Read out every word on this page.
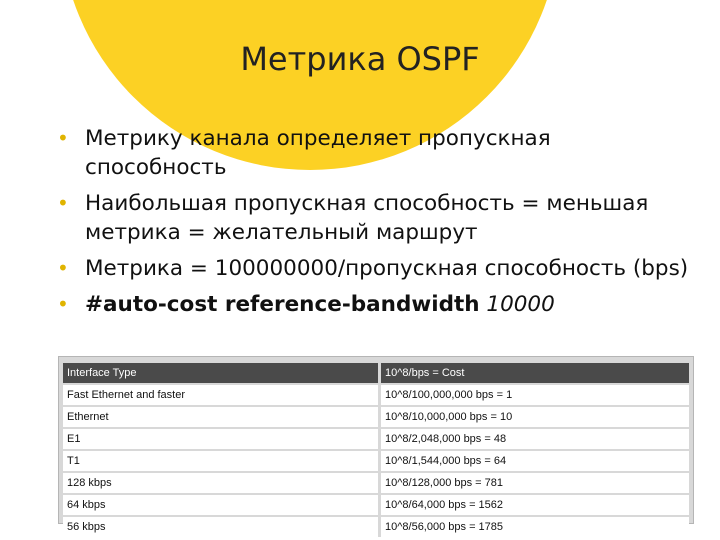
Метрика OSPF
• Метрику канала определяет пропускная способность
• Наибольшая пропускная способность = меньшая метрика = желательный маршрут
• Метрика = 100000000/пропускная способность (bps)
• #auto-cost reference-bandwidth 10000
Interface Type	10^8/bps = Cost
Fast Ethernet and faster	10^8/100,000,000 bps = 1
Ethernet	10^8/10,000,000 bps = 10
E1	10^8/2,048,000 bps = 48
T1	10^8/1,544,000 bps = 64
128 kbps	10^8/128,000 bps = 781
64 kbps	10^8/64,000 bps = 1562
56 kbps	10^8/56,000 bps = 1785
